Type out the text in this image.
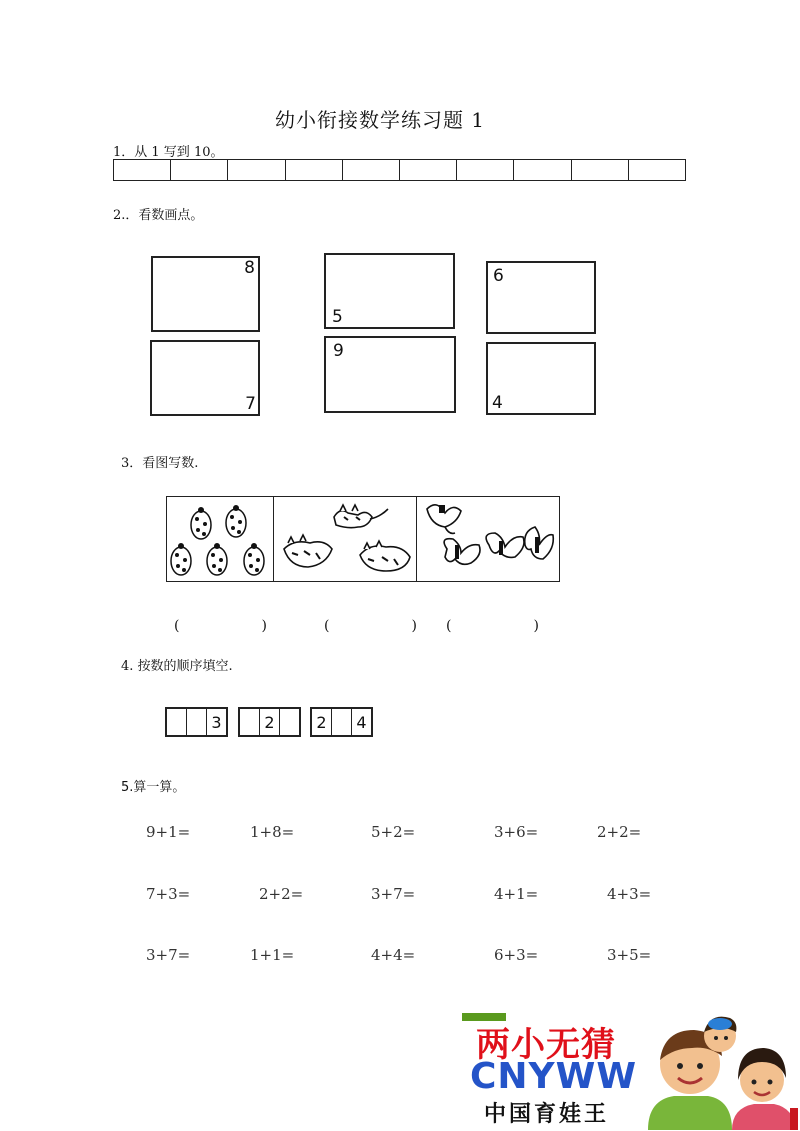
幼小衔接数学练习题 1
1．从 1 写到 10。
2.．看数画点。
8
5
6
7
9
4
3．看图写数.
(　　)	(　　) (　　)
4. 按数的顺序填空.
3	2	2	4
5.算一算。
9+1=	1+8=	5+2=	3+6=	2+2=
7+3=	2+2=	3+7=	4+1=	4+3=
3+7=	1+1=	4+4=	6+3=	3+5=
两小无猜
CNYWW
中国育娃王
